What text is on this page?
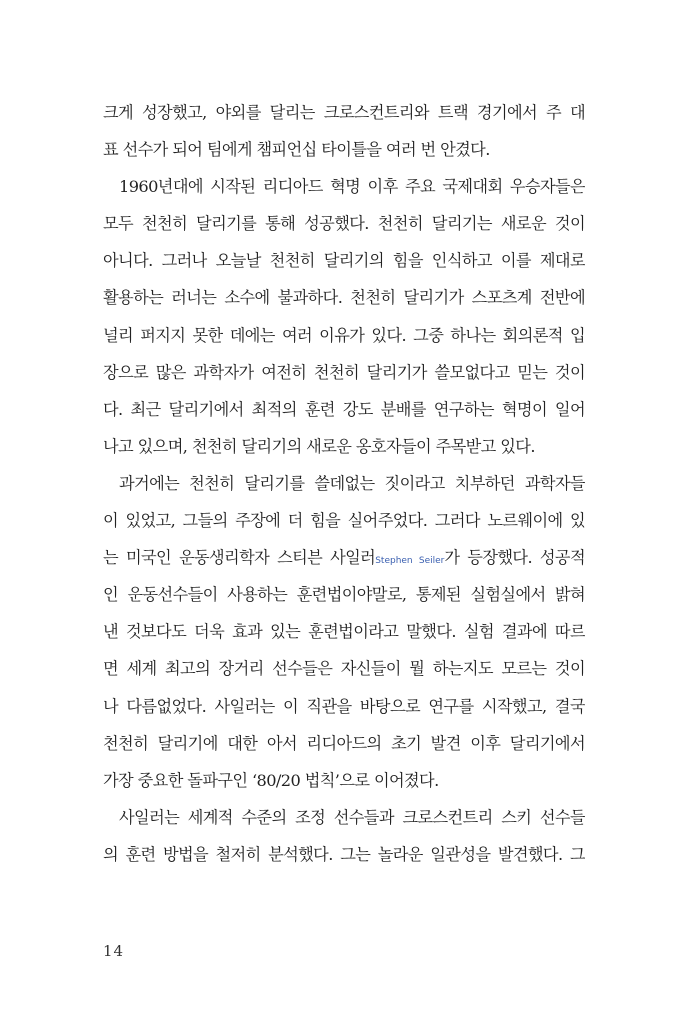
크게 성장했고, 야외를 달리는 크로스컨트리와 트랙 경기에서 주 대
표 선수가 되어 팀에게 챔피언십 타이틀을 여러 번 안겼다.
1960년대에 시작된 리디아드 혁명 이후 주요 국제대회 우승자들은
모두 천천히 달리기를 통해 성공했다. 천천히 달리기는 새로운 것이
아니다. 그러나 오늘날 천천히 달리기의 힘을 인식하고 이를 제대로
활용하는 러너는 소수에 불과하다. 천천히 달리기가 스포츠계 전반에
널리 퍼지지 못한 데에는 여러 이유가 있다. 그중 하나는 회의론적 입
장으로 많은 과학자가 여전히 천천히 달리기가 쓸모없다고 믿는 것이
다. 최근 달리기에서 최적의 훈련 강도 분배를 연구하는 혁명이 일어
나고 있으며, 천천히 달리기의 새로운 옹호자들이 주목받고 있다.
과거에는 천천히 달리기를 쓸데없는 짓이라고 치부하던 과학자들
이 있었고, 그들의 주장에 더 힘을 실어주었다. 그러다 노르웨이에 있
는 미국인 운동생리학자 스티븐 사일러Stephen Seiler가 등장했다. 성공적
인 운동선수들이 사용하는 훈련법이야말로, 통제된 실험실에서 밝혀
낸 것보다도 더욱 효과 있는 훈련법이라고 말했다. 실험 결과에 따르
면 세계 최고의 장거리 선수들은 자신들이 뭘 하는지도 모르는 것이
나 다름없었다. 사일러는 이 직관을 바탕으로 연구를 시작했고, 결국
천천히 달리기에 대한 아서 리디아드의 초기 발견 이후 달리기에서
가장 중요한 돌파구인 ‘80/20 법칙’으로 이어졌다.
사일러는 세계적 수준의 조정 선수들과 크로스컨트리 스키 선수들
의 훈련 방법을 철저히 분석했다. 그는 놀라운 일관성을 발견했다. 그
14
